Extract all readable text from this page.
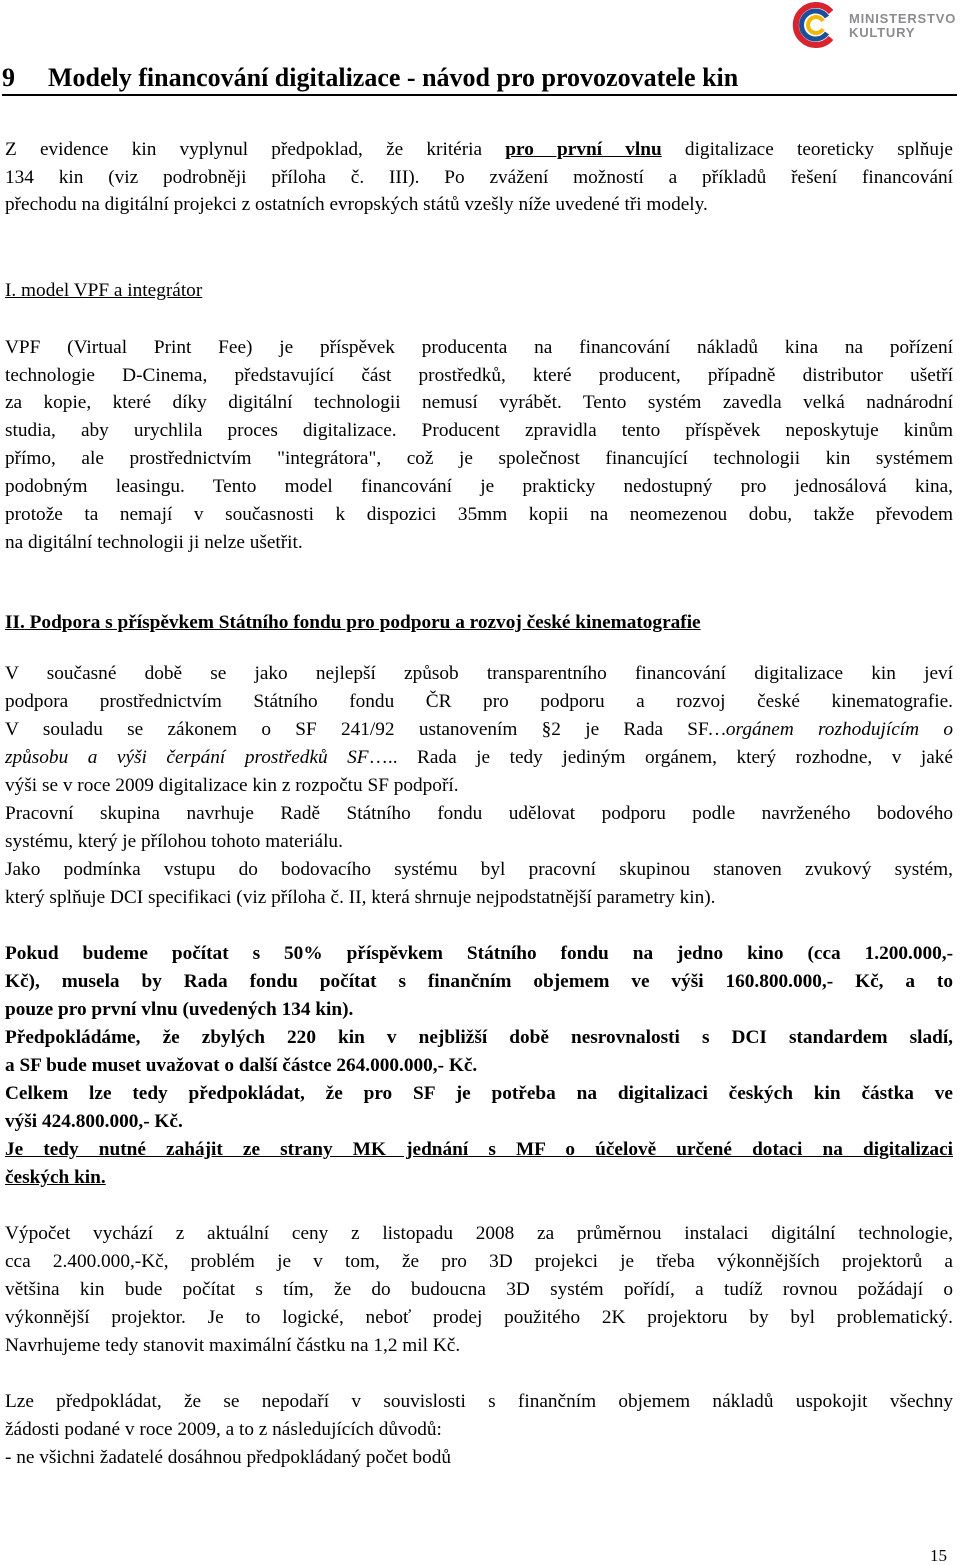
MINISTERSTVO
KULTURY
9 Modely financování digitalizace - návod pro provozovatele kin
Z evidence kin vyplynul předpoklad, že kritéria pro první vlnu digitalizace teoreticky splňuje
134 kin (viz podrobněji příloha č. III). Po zvážení možností a příkladů řešení financování
přechodu na digitální projekci z ostatních evropských států vzešly níže uvedené tři modely.
I. model VPF a integrátor
VPF (Virtual Print Fee) je příspěvek producenta na financování nákladů kina na pořízení
technologie D-Cinema, představující část prostředků, které producent, případně distributor ušetří
za kopie, které díky digitální technologii nemusí vyrábět. Tento systém zavedla velká nadnárodní
studia, aby urychlila proces digitalizace. Producent zpravidla tento příspěvek neposkytuje kinům
přímo, ale prostřednictvím "integrátora", což je společnost financující technologii kin systémem
podobným leasingu. Tento model financování je prakticky nedostupný pro jednosálová kina,
protože ta nemají v současnosti k dispozici 35mm kopii na neomezenou dobu, takže převodem
na digitální technologii ji nelze ušetřit.
II. Podpora s příspěvkem Státního fondu pro podporu a rozvoj české kinematografie
V současné době se jako nejlepší způsob transparentního financování digitalizace kin jeví
podpora prostřednictvím Státního fondu ČR pro podporu a rozvoj české kinematografie.
V souladu se zákonem o SF 241/92 ustanovením §2 je Rada SF…orgánem rozhodujícím o
způsobu a výši čerpání prostředků SF….. Rada je tedy jediným orgánem, který rozhodne, v jaké
výši se v roce 2009 digitalizace kin z rozpočtu SF podpoří.
Pracovní skupina navrhuje Radě Státního fondu udělovat podporu podle navrženého bodového
systému, který je přílohou tohoto materiálu.
Jako podmínka vstupu do bodovacího systému byl pracovní skupinou stanoven zvukový systém,
který splňuje DCI specifikaci (viz příloha č. II, která shrnuje nejpodstatnější parametry kin).
Pokud budeme počítat s 50% příspěvkem Státního fondu na jedno kino (cca 1.200.000,-
Kč), musela by Rada fondu počítat s finančním objemem ve výši 160.800.000,- Kč, a to
pouze pro první vlnu (uvedených 134 kin).
Předpokládáme, že zbylých 220 kin v nejbližší době nesrovnalosti s DCI standardem sladí,
a SF bude muset uvažovat o další částce 264.000.000,- Kč.
Celkem lze tedy předpokládat, že pro SF je potřeba na digitalizaci českých kin částka ve
výši 424.800.000,- Kč.
Je tedy nutné zahájit ze strany MK jednání s MF o účelově určené dotaci na digitalizaci
českých kin.
Výpočet vychází z aktuální ceny z listopadu 2008 za průměrnou instalaci digitální technologie,
cca 2.400.000,-Kč, problém je v tom, že pro 3D projekci je třeba výkonnějších projektorů a
většina kin bude počítat s tím, že do budoucna 3D systém pořídí, a tudíž rovnou požádají o
výkonnější projektor. Je to logické, neboť prodej použitého 2K projektoru by byl problematický.
Navrhujeme tedy stanovit maximální částku na 1,2 mil Kč.
Lze předpokládat, že se nepodaří v souvislosti s finančním objemem nákladů uspokojit všechny
žádosti podané v roce 2009, a to z následujících důvodů:
- ne všichni žadatelé dosáhnou předpokládaný počet bodů
15
